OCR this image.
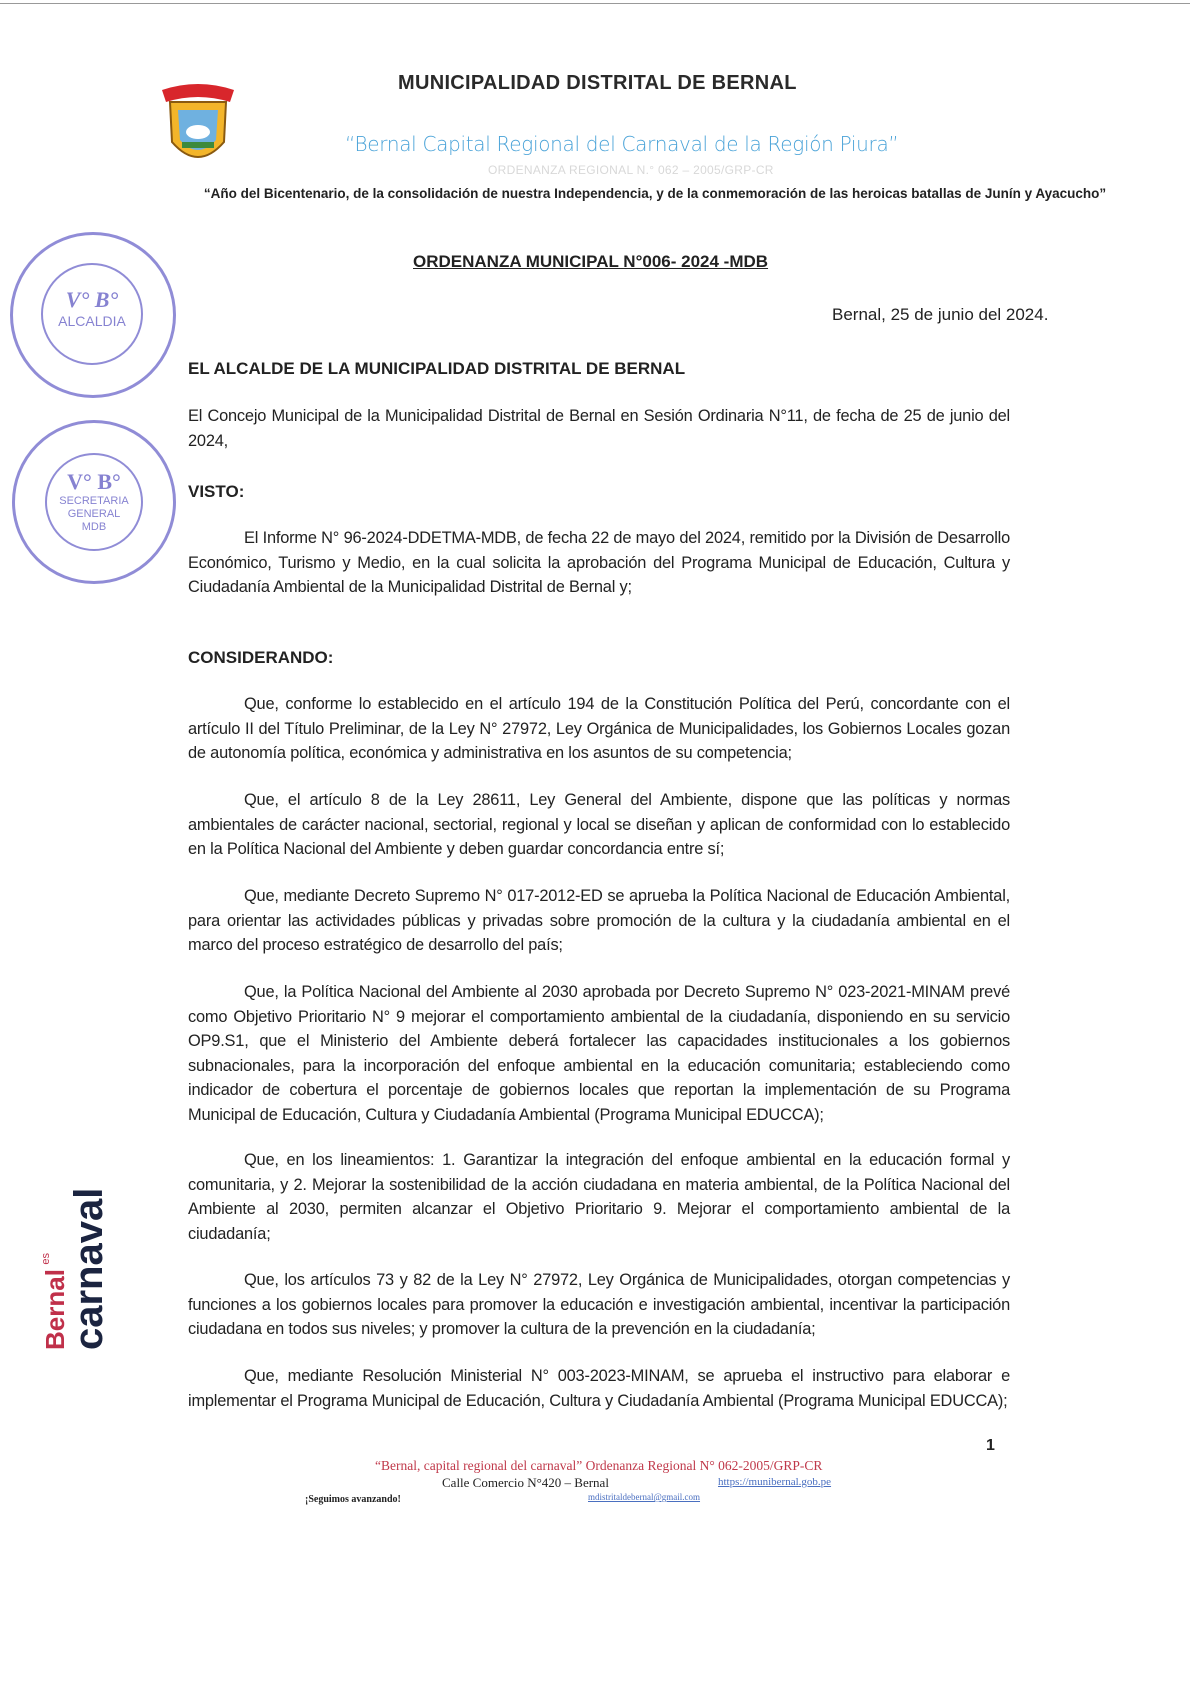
MUNICIPALIDAD DISTRITAL DE BERNAL
“Bernal Capital Regional del Carnaval de la Región Piura”
ORDENANZA REGIONAL N.° 062 – 2005/GRP-CR
“Año del Bicentenario, de la consolidación de nuestra Independencia, y de la conmemoración de las heroicas batallas de Junín y Ayacucho”
V° B°
ALCALDIA
V° B°
SECRETARIA GENERAL MDB
ORDENANZA MUNICIPAL N°006- 2024 -MDB
Bernal, 25 de junio del 2024.
EL ALCALDE DE LA MUNICIPALIDAD DISTRITAL DE BERNAL
El Concejo Municipal de la Municipalidad Distrital de Bernal en Sesión Ordinaria N°11, de fecha de 25 de junio del 2024,
VISTO:
El Informe N° 96-2024-DDETMA-MDB, de fecha 22 de mayo del 2024, remitido por la División de Desarrollo Económico, Turismo y Medio, en la cual solicita la aprobación del Programa Municipal de Educación, Cultura y Ciudadanía Ambiental de la Municipalidad Distrital de Bernal y;
CONSIDERANDO:
Que, conforme lo establecido en el artículo 194 de la Constitución Política del Perú, concordante con el artículo II del Título Preliminar, de la Ley N° 27972, Ley Orgánica de Municipalidades, los Gobiernos Locales gozan de autonomía política, económica y administrativa en los asuntos de su competencia;
Que, el artículo 8 de la Ley 28611, Ley General del Ambiente, dispone que las políticas y normas ambientales de carácter nacional, sectorial, regional y local se diseñan y aplican de conformidad con lo establecido en la Política Nacional del Ambiente y deben guardar concordancia entre sí;
Que, mediante Decreto Supremo N° 017-2012-ED se aprueba la Política Nacional de Educación Ambiental, para orientar las actividades públicas y privadas sobre promoción de la cultura y la ciudadanía ambiental en el marco del proceso estratégico de desarrollo del país;
Que, la Política Nacional del Ambiente al 2030 aprobada por Decreto Supremo N° 023-2021-MINAM prevé como Objetivo Prioritario N° 9 mejorar el comportamiento ambiental de la ciudadanía, disponiendo en su servicio OP9.S1, que el Ministerio del Ambiente deberá fortalecer las capacidades institucionales a los gobiernos subnacionales, para la incorporación del enfoque ambiental en la educación comunitaria; estableciendo como indicador de cobertura el porcentaje de gobiernos locales que reportan la implementación de su Programa Municipal de Educación, Cultura y Ciudadanía Ambiental (Programa Municipal EDUCCA);
Que, en los lineamientos: 1. Garantizar la integración del enfoque ambiental en la educación formal y comunitaria, y 2. Mejorar la sostenibilidad de la acción ciudadana en materia ambiental, de la Política Nacional del Ambiente al 2030, permiten alcanzar el Objetivo Prioritario 9. Mejorar el comportamiento ambiental de la ciudadanía;
Que, los artículos 73 y 82 de la Ley N° 27972, Ley Orgánica de Municipalidades, otorgan competencias y funciones a los gobiernos locales para promover la educación e investigación ambiental, incentivar la participación ciudadana en todos sus niveles; y promover la cultura de la prevención en la ciudadanía;
Que, mediante Resolución Ministerial N° 003-2023-MINAM, se aprueba el instructivo para elaborar e implementar el Programa Municipal de Educación, Cultura y Ciudadanía Ambiental (Programa Municipal EDUCCA);
Bernal $^{es}$ carnaval
1
“Bernal, capital regional del carnaval” Ordenanza Regional N° 062-2005/GRP-CR
Calle Comercio N°420 – Bernal	https://munibernal.gob.pe
mdistritaldebernal@gmail.com
¡Seguimos avanzando!
